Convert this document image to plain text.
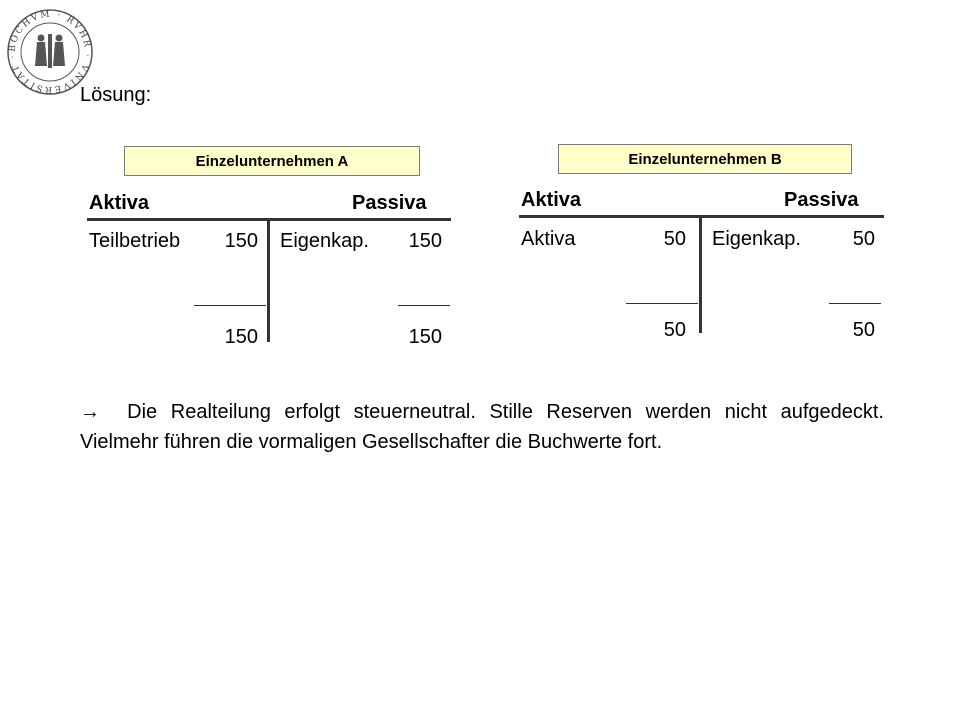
BOCHVM · RVHR · VNIVERSITAT ·
Lösung:
Einzelunternehmen A
Aktiva	Passiva
Teilbetrieb	150 Eigenkap.	150
150	150
Einzelunternehmen B
Aktiva	Passiva
Aktiva	50 Eigenkap.	50
50	50
→ Die Realteilung erfolgt steuerneutral. Stille Reserven werden nicht aufgedeckt. Vielmehr führen die vormaligen Gesellschafter die Buchwerte fort.
